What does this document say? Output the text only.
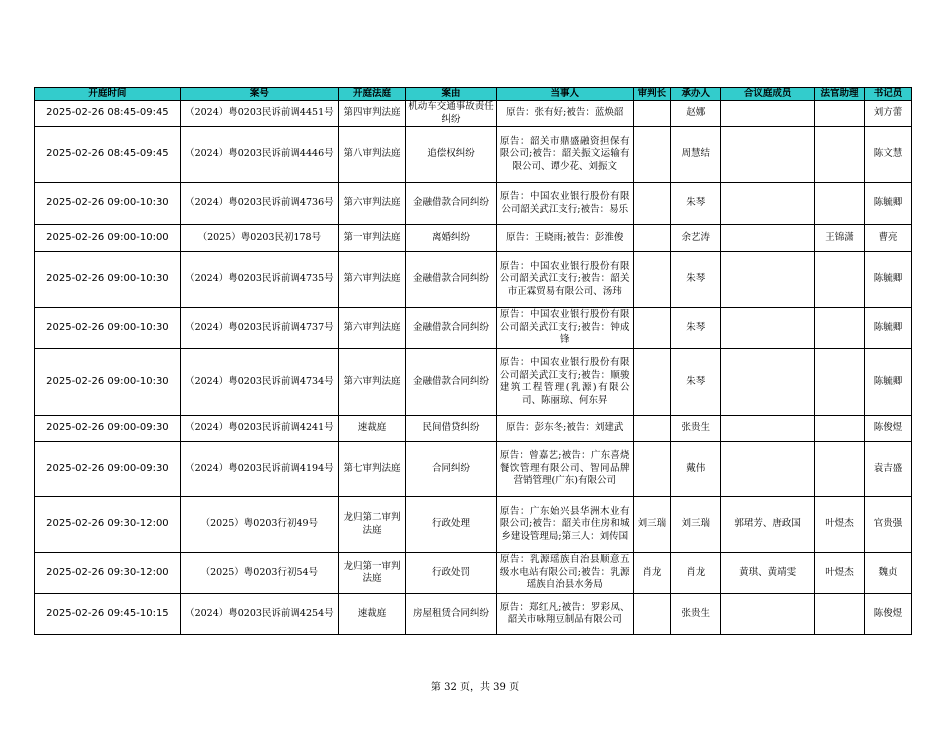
开庭时间	案号	开庭法庭	案由	当事人	审判长	承办人	合议庭成员	法官助理	书记员
2025-02-26 08:45-09:45	（2024）粤0203民诉前调4451号	第四审判法庭	机动车交通事故责任纠纷	原告：张有好;被告：蓝焕韶		赵娜			刘方蕾
2025-02-26 08:45-09:45	（2024）粤0203民诉前调4446号	第八审判法庭	追偿权纠纷	原告：韶关市鼎盛融资担保有限公司;被告：韶关振文运输有限公司、谭少花、刘振文		周慧结			陈文慧
2025-02-26 09:00-10:30	（2024）粤0203民诉前调4736号	第六审判法庭	金融借款合同纠纷	原告：中国农业银行股份有限公司韶关武江支行;被告：易乐		朱琴			陈毓卿
2025-02-26 09:00-10:00	（2025）粤0203民初178号	第一审判法庭	离婚纠纷	原告：王晓雨;被告：彭淮俊		余艺涛		王锦潇	曹亮
2025-02-26 09:00-10:30	（2024）粤0203民诉前调4735号	第六审判法庭	金融借款合同纠纷	原告：中国农业银行股份有限公司韶关武江支行;被告：韶关市正霖贸易有限公司、汤玮		朱琴			陈毓卿
2025-02-26 09:00-10:30	（2024）粤0203民诉前调4737号	第六审判法庭	金融借款合同纠纷	原告：中国农业银行股份有限公司韶关武江支行;被告：钟成锋		朱琴			陈毓卿
2025-02-26 09:00-10:30	（2024）粤0203民诉前调4734号	第六审判法庭	金融借款合同纠纷	原告：中国农业银行股份有限公司韶关武江支行;被告：顺骏建筑工程管理(乳源)有限公司、陈丽琼、何东昇		朱琴			陈毓卿
2025-02-26 09:00-09:30	（2024）粤0203民诉前调4241号	速裁庭	民间借贷纠纷	原告：彭东冬;被告：刘建武		张贵生			陈俊煜
2025-02-26 09:00-09:30	（2024）粤0203民诉前调4194号	第七审判法庭	合同纠纷	原告：曾嘉艺;被告：广东喜烧餐饮管理有限公司、智同品牌营销管理(广东)有限公司		戴伟			袁吉盛
2025-02-26 09:30-12:00	（2025）粤0203行初49号	龙归第二审判法庭	行政处理	原告：广东始兴县华洲木业有限公司;被告：韶关市住房和城乡建设管理局;第三人：刘传国	刘三瑞	刘三瑞	郭珺芳、唐政国	叶煜杰	官贵强
2025-02-26 09:30-12:00	（2025）粤0203行初54号	龙归第一审判法庭	行政处罚	原告：乳源瑶族自治县顺意五级水电站有限公司;被告：乳源瑶族自治县水务局	肖龙	肖龙	黄琪、黄靖雯	叶煜杰	魏贞
2025-02-26 09:45-10:15	（2024）粤0203民诉前调4254号	速裁庭	房屋租赁合同纠纷	原告：郑红凡;被告：罗彩凤、韶关市咏翔豆制品有限公司		张贵生			陈俊煜
第 32 页，共 39 页
